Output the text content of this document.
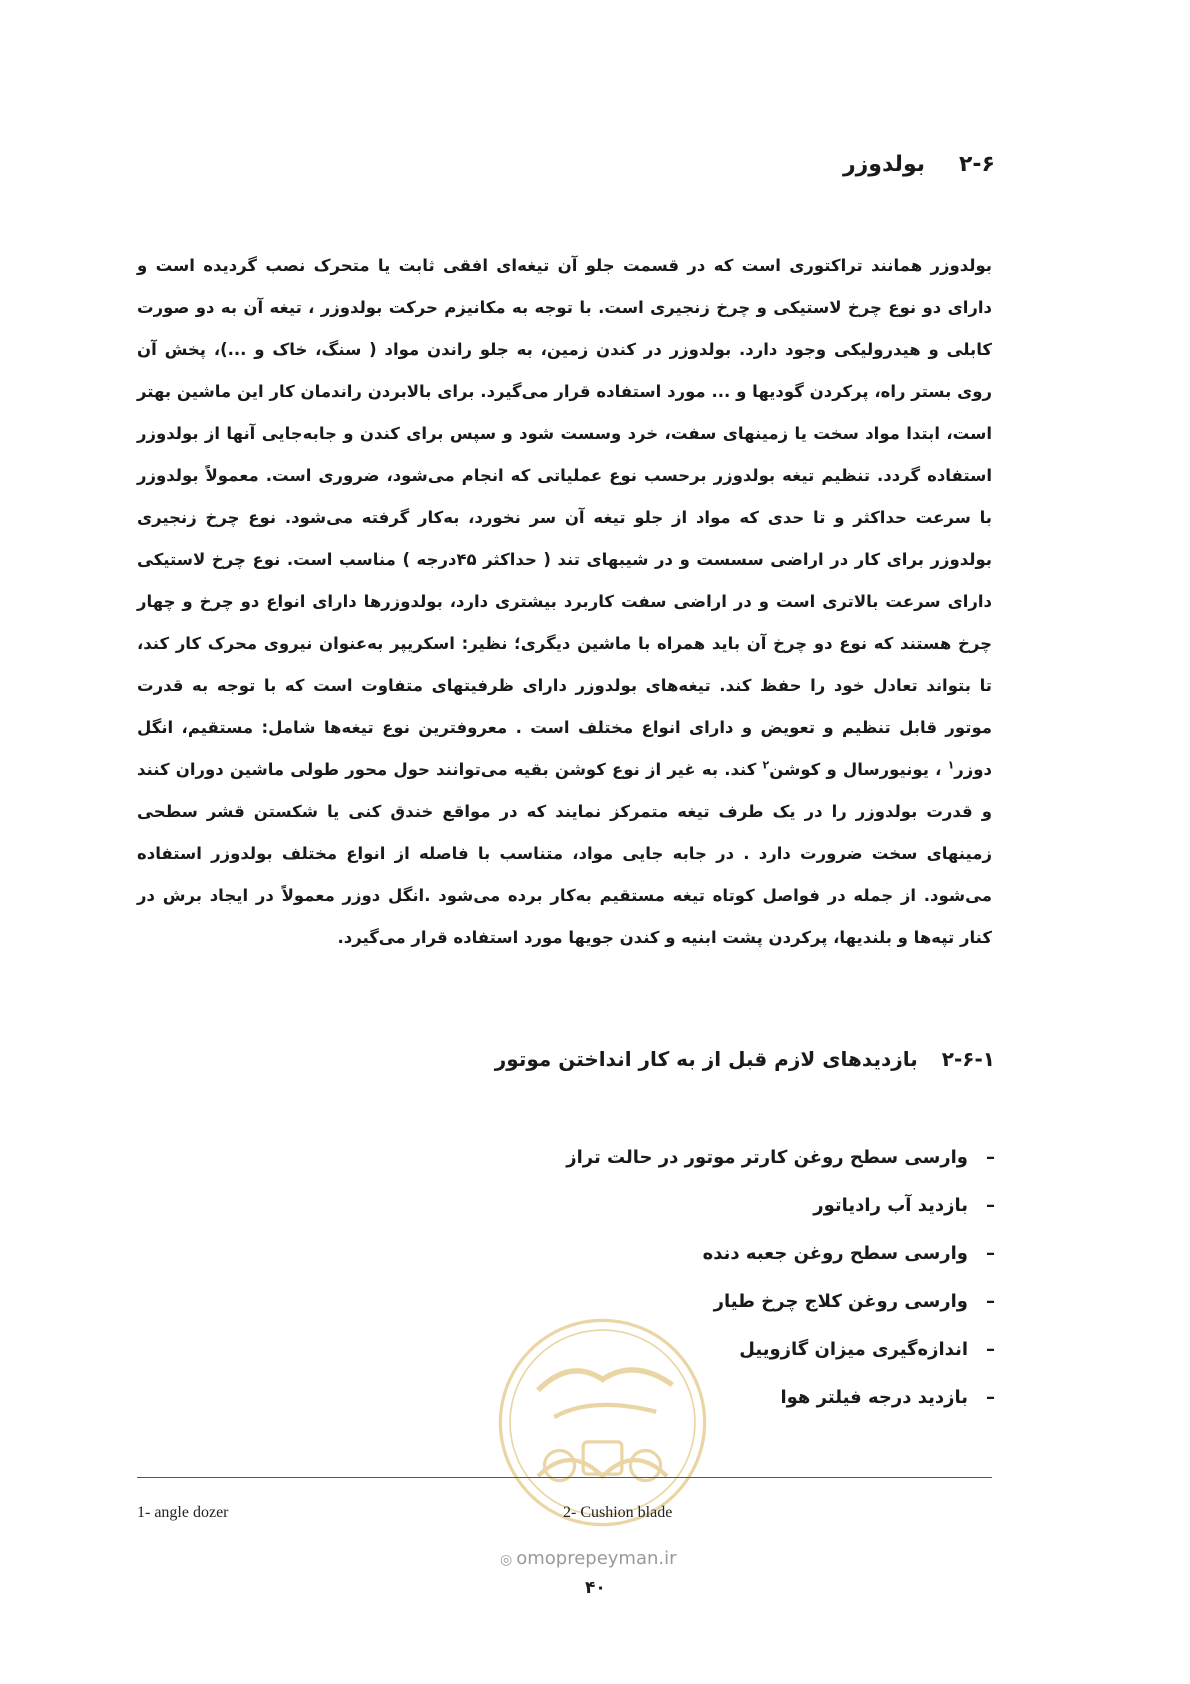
۲-۶بولدوزر

بولدوزر همانند تراکتوری است که در قسمت جلو آن تیغه‌ای افقی ثابت یا متحرک نصب گردیده است و دارای دو نوع چرخ لاستیکی و چرخ زنجیری است. با توجه به مکانیزم حرکت بولدوزر ، تیغه آن به دو صورت کابلی و هیدرولیکی وجود دارد. بولدوزر در کندن زمین، به جلو راندن مواد ( سنگ، خاک و ...)، پخش آن روی بستر راه، پرکردن گودیها و ... مورد استفاده قرار می‌گیرد. برای بالابردن راندمان کار این ماشین بهتر است، ابتدا مواد سخت یا زمینهای سفت، خرد وسست شود و سپس برای کندن و جابه‌جایی آنها از بولدوزر استفاده گردد. تنظیم تیغه بولدوزر برحسب نوع عملیاتی که انجام می‌شود، ضروری است. معمولاً بولدوزر با سرعت حداکثر و تا حدی که مواد از جلو تیغه آن سر نخورد، به‌کار گرفته می‌شود. نوع چرخ زنجیری بولدوزر برای کار در اراضی سسست و در شیبهای تند ( حداکثر ۴۵درجه ) مناسب است. نوع چرخ لاستیکی دارای سرعت بالاتری است و در اراضی سفت کاربرد بیشتری دارد، بولدوزرها دارای انواع دو چرخ و چهار چرخ هستند که نوع دو چرخ آن باید همراه با ماشین دیگری؛ نظیر: اسکریپر به‌عنوان نیروی محرک کار کند، تا بتواند تعادل خود را حفظ کند. تیغه‌های بولدوزر دارای ظرفیتهای متفاوت است که با توجه به قدرت موتور قابل تنظیم و تعویض و دارای انواع مختلف است . معروفترین نوع تیغه‌ها شامل: مستقیم، انگل دوزر$^۱$ ، یونیورسال و کوشن$^۲$ کند. به غیر از نوع کوشن بقیه می‌توانند حول محور طولی ماشین دوران کنند و قدرت بولدوزر را در یک طرف تیغه متمرکز نمایند که در مواقع خندق کنی یا شکستن قشر سطحی زمینهای سخت ضرورت دارد . در جابه جایی مواد، متناسب با فاصله از انواع مختلف بولدوزر استفاده می‌شود. از جمله در فواصل کوتاه تیغه مستقیم به‌کار برده می‌شود .انگل دوزر معمولاً در ایجاد برش در کنار تپه‌ها و بلندیها، پرکردن پشت ابنیه و کندن جویها مورد استفاده قرار می‌گیرد.

۲-۶-۱بازدیدهای لازم قبل از به کار انداختن موتور
–وارسی سطح روغن کارتر موتور در حالت تراز
–بازدید آب رادیاتور
–وارسی سطح روغن جعبه دنده
–وارسی روغن کلاج چرخ طیار
–اندازه‌گیری میزان گازوییل
–بازدید درجه فیلتر هوا
1- angle dozer	2- Cushion blade
◎ omoprepeyman.ir
۴۰
